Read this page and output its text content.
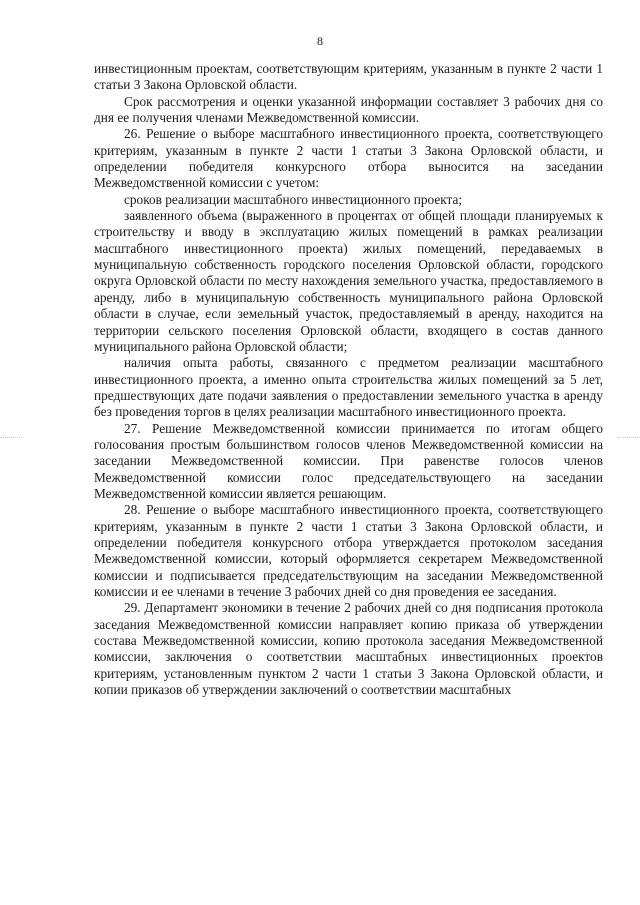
8

инвестиционным проектам, соответствующим критериям, указанным в пункте 2 части 1 статьи 3 Закона Орловской области.

Срок рассмотрения и оценки указанной информации составляет 3 рабочих дня со дня ее получения членами Межведомственной комиссии.

26. Решение о выборе масштабного инвестиционного проекта, соответствующего критериям, указанным в пункте 2 части 1 статьи 3 Закона Орловской области, и определении победителя конкурсного отбора выносится на заседании Межведомственной комиссии с учетом:

сроков реализации масштабного инвестиционного проекта;

заявленного объема (выраженного в процентах от общей площади планируемых к строительству и вводу в эксплуатацию жилых помещений в рамках реализации масштабного инвестиционного проекта) жилых помещений, передаваемых в муниципальную собственность городского поселения Орловской области, городского округа Орловской области по месту нахождения земельного участка, предоставляемого в аренду, либо в муниципальную собственность муниципального района Орловской области в случае, если земельный участок, предоставляемый в аренду, находится на территории сельского поселения Орловской области, входящего в состав данного муниципального района Орловской области;

наличия опыта работы, связанного с предметом реализации масштабного инвестиционного проекта, а именно опыта строительства жилых помещений за 5 лет, предшествующих дате подачи заявления о предоставлении земельного участка в аренду без проведения торгов в целях реализации масштабного инвестиционного проекта.

27. Решение Межведомственной комиссии принимается по итогам общего голосования простым большинством голосов членов Межведомственной комиссии на заседании Межведомственной комиссии. При равенстве голосов членов Межведомственной комиссии голос председательствующего на заседании Межведомственной комиссии является решающим.

28. Решение о выборе масштабного инвестиционного проекта, соответствующего критериям, указанным в пункте 2 части 1 статьи 3 Закона Орловской области, и определении победителя конкурсного отбора утверждается протоколом заседания Межведомственной комиссии, который оформляется секретарем Межведомственной комиссии и подписывается председательствующим на заседании Межведомственной комиссии и ее членами в течение 3 рабочих дней со дня проведения ее заседания.

29. Департамент экономики в течение 2 рабочих дней со дня подписания протокола заседания Межведомственной комиссии направляет копию приказа об утверждении состава Межведомственной комиссии, копию протокола заседания Межведомственной комиссии, заключения о соответствии масштабных инвестиционных проектов критериям, установленным пунктом 2 части 1 статьи 3 Закона Орловской области, и копии приказов об утверждении заключений о соответствии масштабных
